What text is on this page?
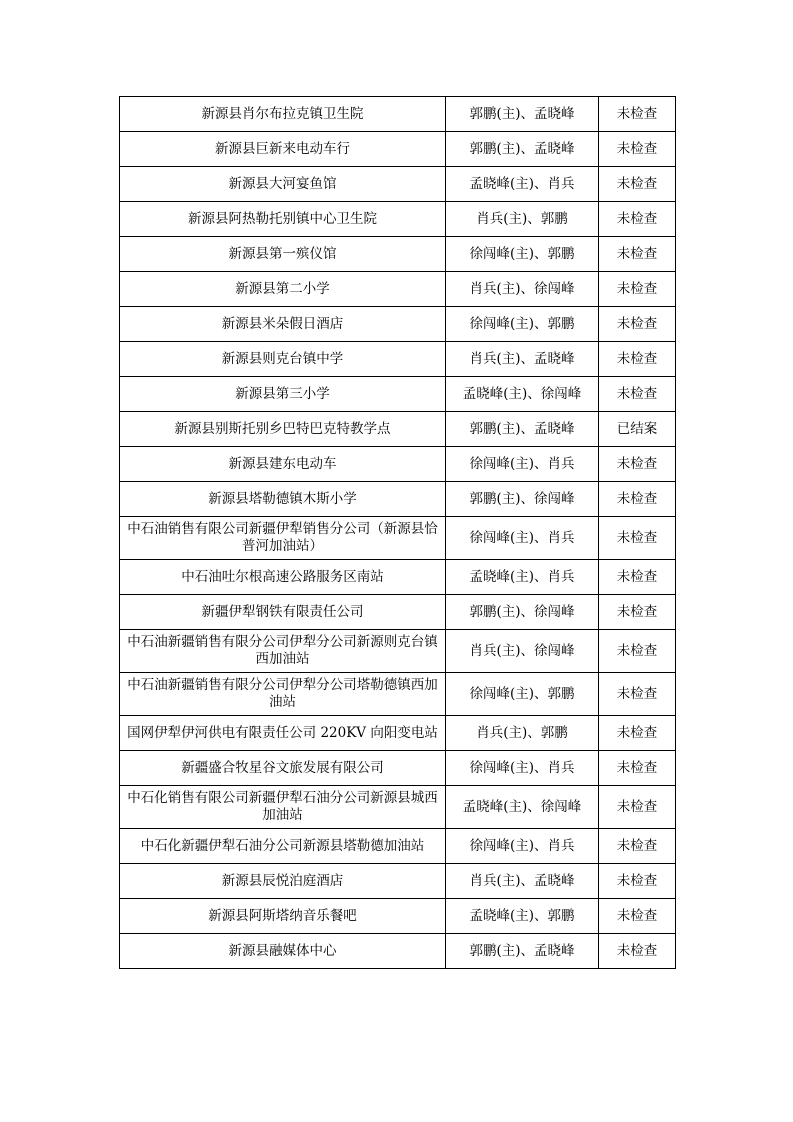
新源县肖尔布拉克镇卫生院	郭鹏(主)、孟晓峰	未检查
新源县巨新来电动车行	郭鹏(主)、孟晓峰	未检查
新源县大河宴鱼馆	孟晓峰(主)、肖兵	未检查
新源县阿热勒托别镇中心卫生院	肖兵(主)、郭鹏	未检查
新源县第一殡仪馆	徐闯峰(主)、郭鹏	未检查
新源县第二小学	肖兵(主)、徐闯峰	未检查
新源县米朵假日酒店	徐闯峰(主)、郭鹏	未检查
新源县则克台镇中学	肖兵(主)、孟晓峰	未检查
新源县第三小学	孟晓峰(主)、徐闯峰	未检查
新源县别斯托别乡巴特巴克特教学点	郭鹏(主)、孟晓峰	已结案
新源县建东电动车	徐闯峰(主)、肖兵	未检查
新源县塔勒德镇木斯小学	郭鹏(主)、徐闯峰	未检查
中石油销售有限公司新疆伊犁销售分公司（新源县恰普河加油站）	徐闯峰(主)、肖兵	未检查
中石油吐尔根高速公路服务区南站	孟晓峰(主)、肖兵	未检查
新疆伊犁钢铁有限责任公司	郭鹏(主)、徐闯峰	未检查
中石油新疆销售有限分公司伊犁分公司新源则克台镇西加油站	肖兵(主)、徐闯峰	未检查
中石油新疆销售有限分公司伊犁分公司塔勒德镇西加油站	徐闯峰(主)、郭鹏	未检查
国网伊犁伊河供电有限责任公司 220KV 向阳变电站	肖兵(主)、郭鹏	未检查
新疆盛合牧星谷文旅发展有限公司	徐闯峰(主)、肖兵	未检查
中石化销售有限公司新疆伊犁石油分公司新源县城西加油站	孟晓峰(主)、徐闯峰	未检查
中石化新疆伊犁石油分公司新源县塔勒德加油站	徐闯峰(主)、肖兵	未检查
新源县辰悦泊庭酒店	肖兵(主)、孟晓峰	未检查
新源县阿斯塔纳音乐餐吧	孟晓峰(主)、郭鹏	未检查
新源县融媒体中心	郭鹏(主)、孟晓峰	未检查
